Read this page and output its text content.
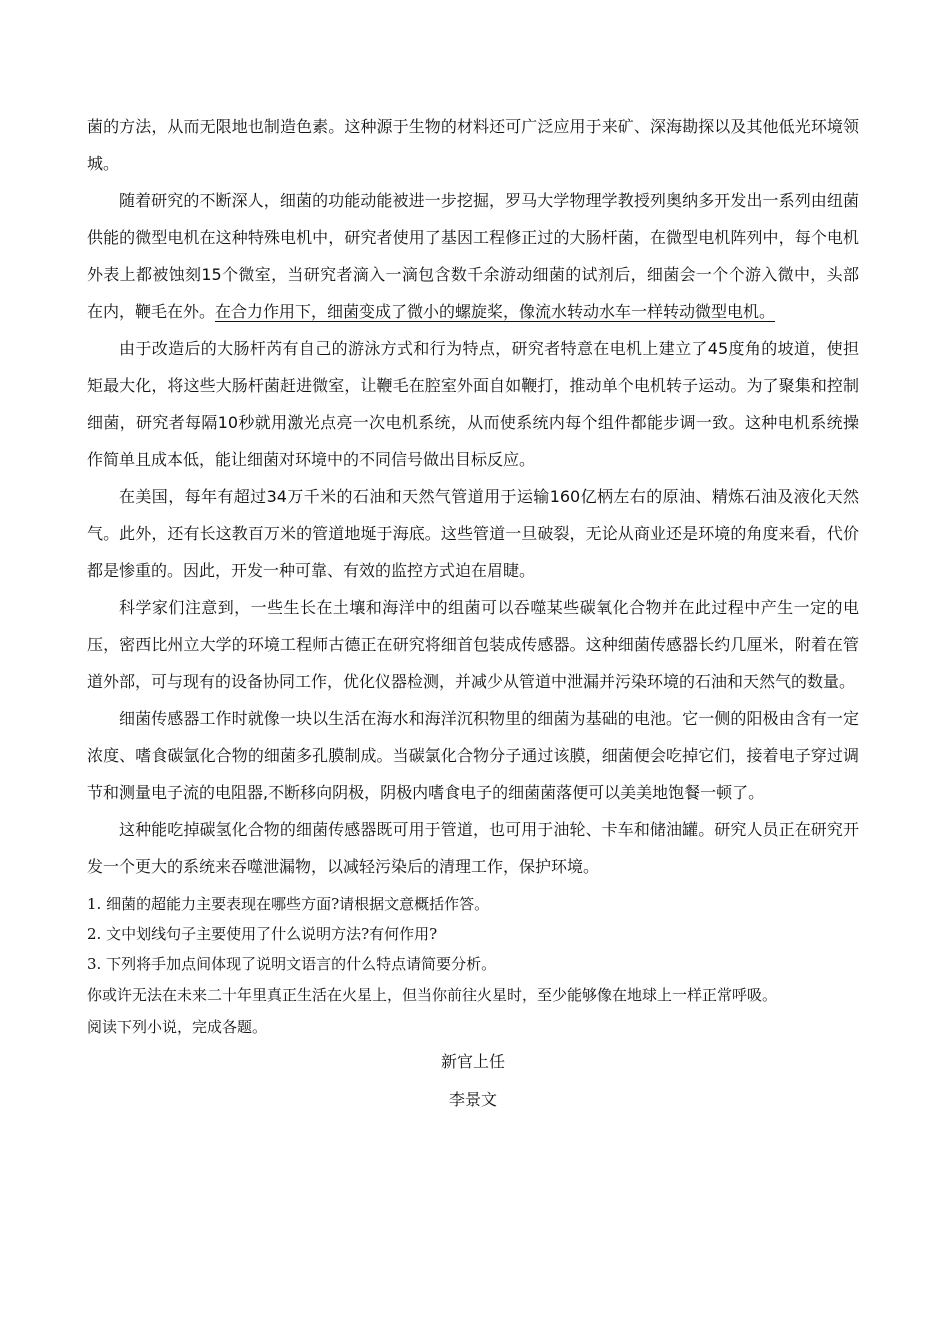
菌的方法，从而无限地也制造色素。这种源于生物的材料还可广泛应用于来矿、深海勘探以及其他低光环境领城。

随着研究的不断深人，细菌的功能动能被进一步挖掘，罗马大学物理学教授列奥纳多开发出一系列由纽菌供能的微型电机在这种特殊电机中，研究者使用了基因工程修正过的大肠杆菌，在微型电机阵列中，每个电机外表上都被蚀刻15个微室，当研究者滴入一滴包含数千余游动细菌的试剂后，细菌会一个个游入微中，头部在内，鞭毛在外。在合力作用下，细菌变成了微小的螺旋桨，像流水转动水车一样转动微型电机。

由于改造后的大肠杆芮有自己的游泳方式和行为特点，研究者特意在电机上建立了45度角的坡道，使担矩最大化，将这些大肠杆菌赶进微室，让鞭毛在腔室外面自如鞭打，推动单个电机转子运动。为了聚集和控制细菌，研究者每隔10秒就用激光点亮一次电机系统，从而使系统内每个组件都能步调一致。这种电机系统操作简单且成本低，能让细菌对环境中的不同信号做出目标反应。

在美国，每年有超过34万千米的石油和天然气管道用于运输160亿柄左右的原油、精炼石油及液化天然气。此外，还有长这教百万米的管道地埏于海底。这些管道一旦破裂，无论从商业还是环境的角度来看，代价都是惨重的。因此，开发一种可靠、有效的监控方式迫在眉睫。

科学家们注意到，一些生长在土壤和海洋中的组菌可以吞噬某些碳氧化合物并在此过程中产生一定的电压，密西比州立大学的环境工程师古德正在研究将细首包装成传感器。这种细菌传感器长约几厘米，附着在管道外部，可与现有的设备协同工作，优化仪器检测，并减少从管道中泄漏并污染环境的石油和天然气的数量。

细菌传感器工作时就像一块以生活在海水和海洋沉积物里的细菌为基础的电池。它一侧的阳极由含有一定浓度、嗜食碳氩化合物的细菌多孔膜制成。当碳氯化合物分子通过该膜，细菌便会吃掉它们，接着电子穿过调节和测量电子流的电阻器,不断移向阴极，阴极内嗜食电子的细菌菌落便可以美美地饱餐一顿了。

这种能吃掉碳氢化合物的细菌传感器既可用于管道，也可用于油轮、卡车和储油罐。研究人员正在研究开发一个更大的系统来吞噬泄漏物，以减轻污染后的清理工作，保护环境。

1. 细菌的超能力主要表现在哪些方面?请根据文意概括作答。

2. 文中划线句子主要使用了什么说明方法?有何作用?

3. 下列将手加点间体现了说明文语言的什么特点请简要分析。

你或许无法在未来二十年里真正生活在火星上，但当你前往火星时，至少能够像在地球上一样正常呼吸。

阅读下列小说，完成各题。

新官上任

李景文
